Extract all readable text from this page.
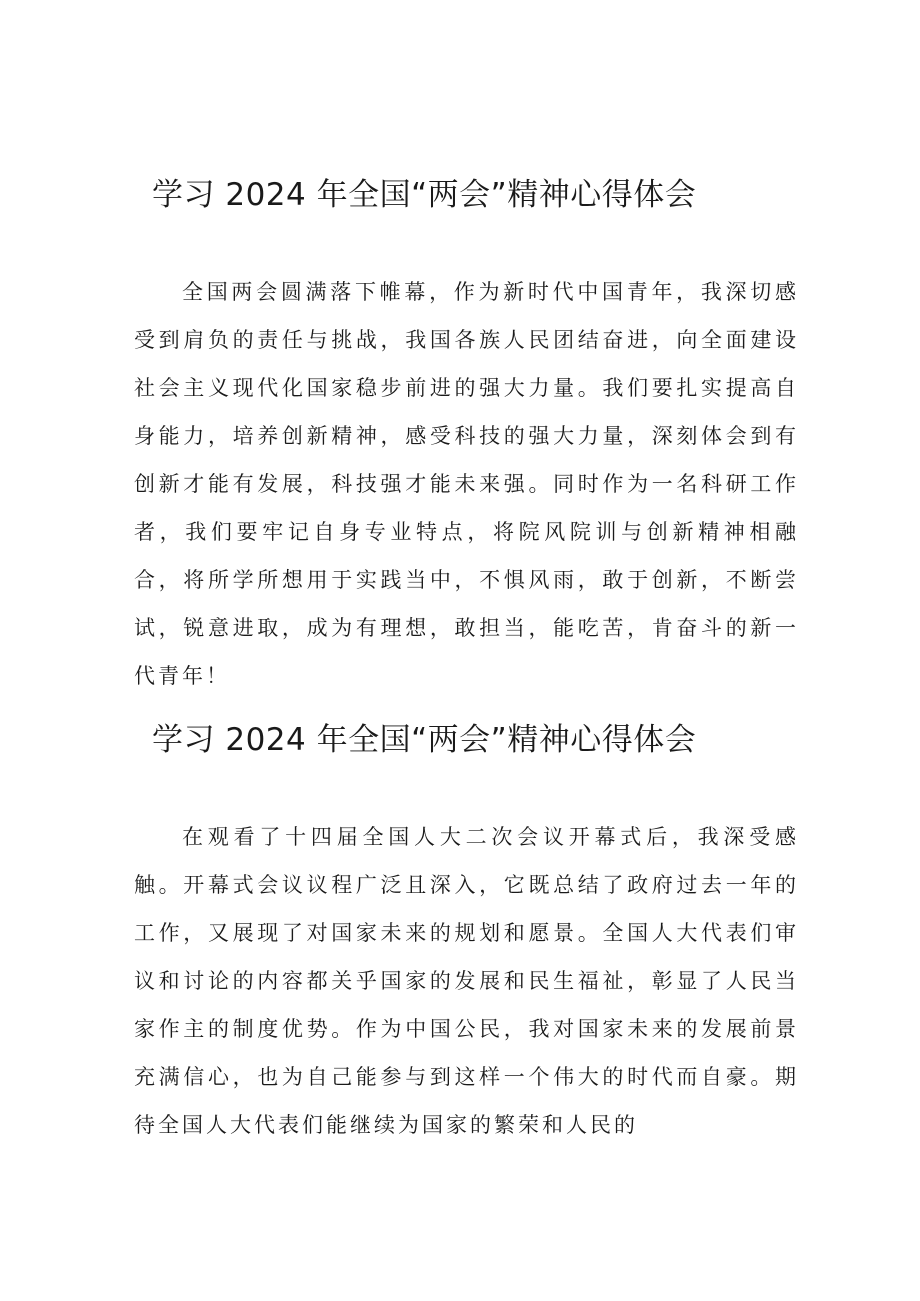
学习 2024 年全国“两会”精神心得体会

全国两会圆满落下帷幕，作为新时代中国青年，我深切感受到肩负的责任与挑战，我国各族人民团结奋进，向全面建设社会主义现代化国家稳步前进的强大力量。我们要扎实提高自身能力，培养创新精神，感受科技的强大力量，深刻体会到有创新才能有发展，科技强才能未来强。同时作为一名科研工作者，我们要牢记自身专业特点，将院风院训与创新精神相融合，将所学所想用于实践当中，不惧风雨，敢于创新，不断尝试，锐意进取，成为有理想，敢担当，能吃苦，肯奋斗的新一代青年！

学习 2024 年全国“两会”精神心得体会

在观看了十四届全国人大二次会议开幕式后，我深受感触。开幕式会议议程广泛且深入，它既总结了政府过去一年的工作，又展现了对国家未来的规划和愿景。全国人大代表们审议和讨论的内容都关乎国家的发展和民生福祉，彰显了人民当家作主的制度优势。作为中国公民，我对国家未来的发展前景充满信心，也为自己能参与到这样一个伟大的时代而自豪。期待全国人大代表们能继续为国家的繁荣和人民的
